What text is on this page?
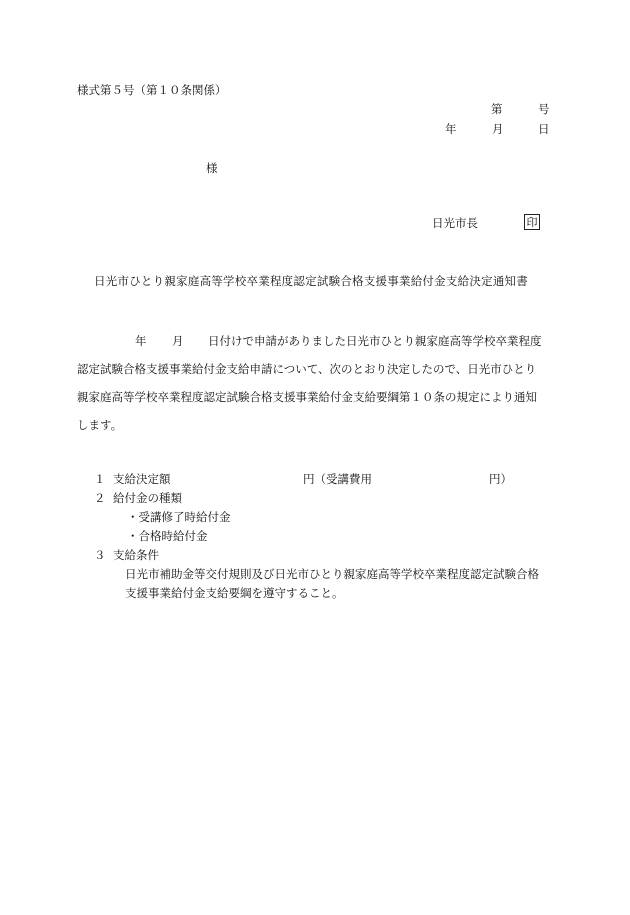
様式第５号（第１０条関係）
第	号
年	月	日
様
日光市長	印
日光市ひとり親家庭高等学校卒業程度認定試験合格支援事業給付金支給決定通知書
年 月 日付けで申請がありました日光市ひとり親家庭高等学校卒業程度
認定試験合格支援事業給付金支給申請について、次のとおり決定したので、日光市ひとり
親家庭高等学校卒業程度認定試験合格支援事業給付金支給要綱第１０条の規定により通知
します。
１ 支給決定額	円（受講費用	円）
２ 給付金の種類
・受講修了時給付金
・合格時給付金
３ 支給条件
日光市補助金等交付規則及び日光市ひとり親家庭高等学校卒業程度認定試験合格
支援事業給付金支給要綱を遵守すること。
